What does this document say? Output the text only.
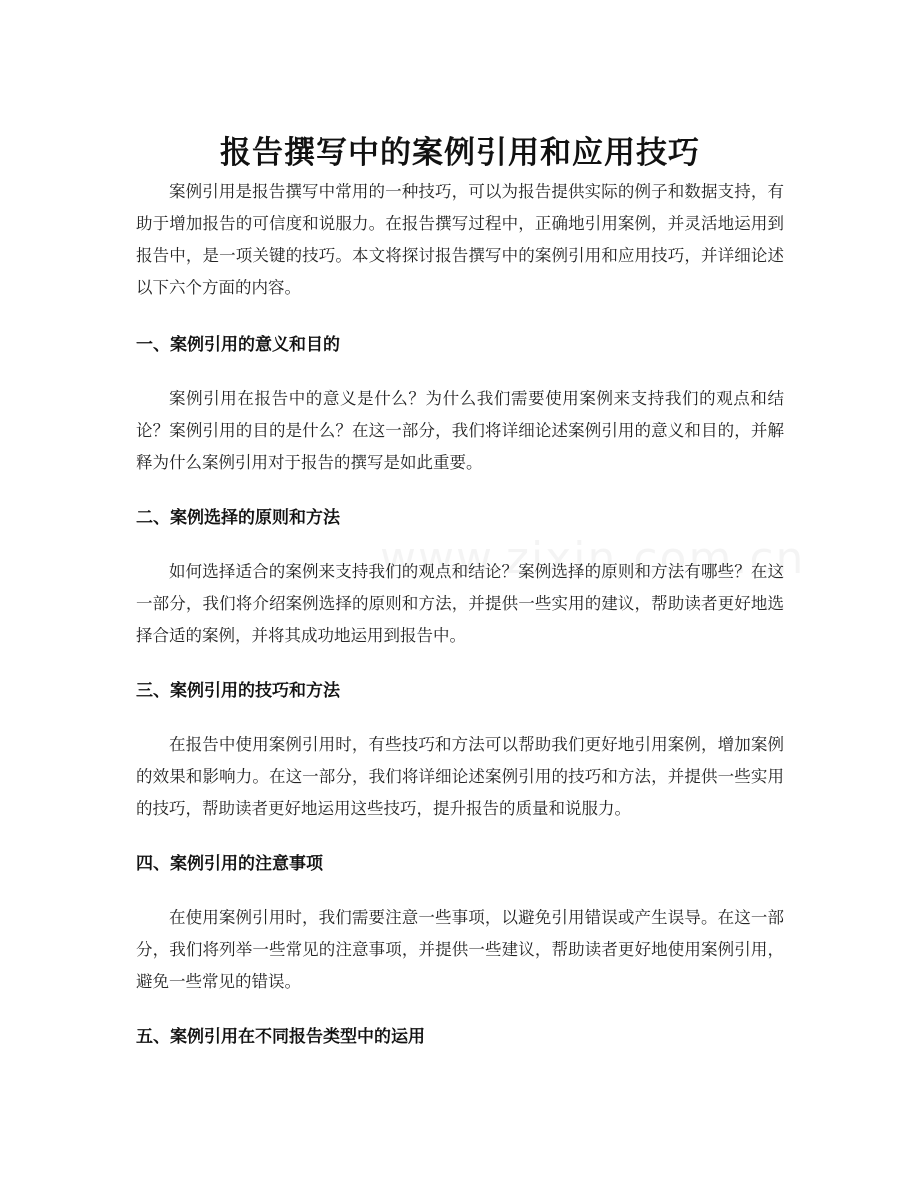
报告撰写中的案例引用和应用技巧

案例引用是报告撰写中常用的一种技巧，可以为报告提供实际的例子和数据支持，有助于增加报告的可信度和说服力。在报告撰写过程中，正确地引用案例，并灵活地运用到报告中，是一项关键的技巧。本文将探讨报告撰写中的案例引用和应用技巧，并详细论述以下六个方面的内容。

一、案例引用的意义和目的

案例引用在报告中的意义是什么？为什么我们需要使用案例来支持我们的观点和结论？案例引用的目的是什么？在这一部分，我们将详细论述案例引用的意义和目的，并解释为什么案例引用对于报告的撰写是如此重要。

二、案例选择的原则和方法

如何选择适合的案例来支持我们的观点和结论？案例选择的原则和方法有哪些？在这一部分，我们将介绍案例选择的原则和方法，并提供一些实用的建议，帮助读者更好地选择合适的案例，并将其成功地运用到报告中。

三、案例引用的技巧和方法

在报告中使用案例引用时，有些技巧和方法可以帮助我们更好地引用案例，增加案例的效果和影响力。在这一部分，我们将详细论述案例引用的技巧和方法，并提供一些实用的技巧，帮助读者更好地运用这些技巧，提升报告的质量和说服力。

四、案例引用的注意事项

在使用案例引用时，我们需要注意一些事项，以避免引用错误或产生误导。在这一部分，我们将列举一些常见的注意事项，并提供一些建议，帮助读者更好地使用案例引用，避免一些常见的错误。

五、案例引用在不同报告类型中的运用
